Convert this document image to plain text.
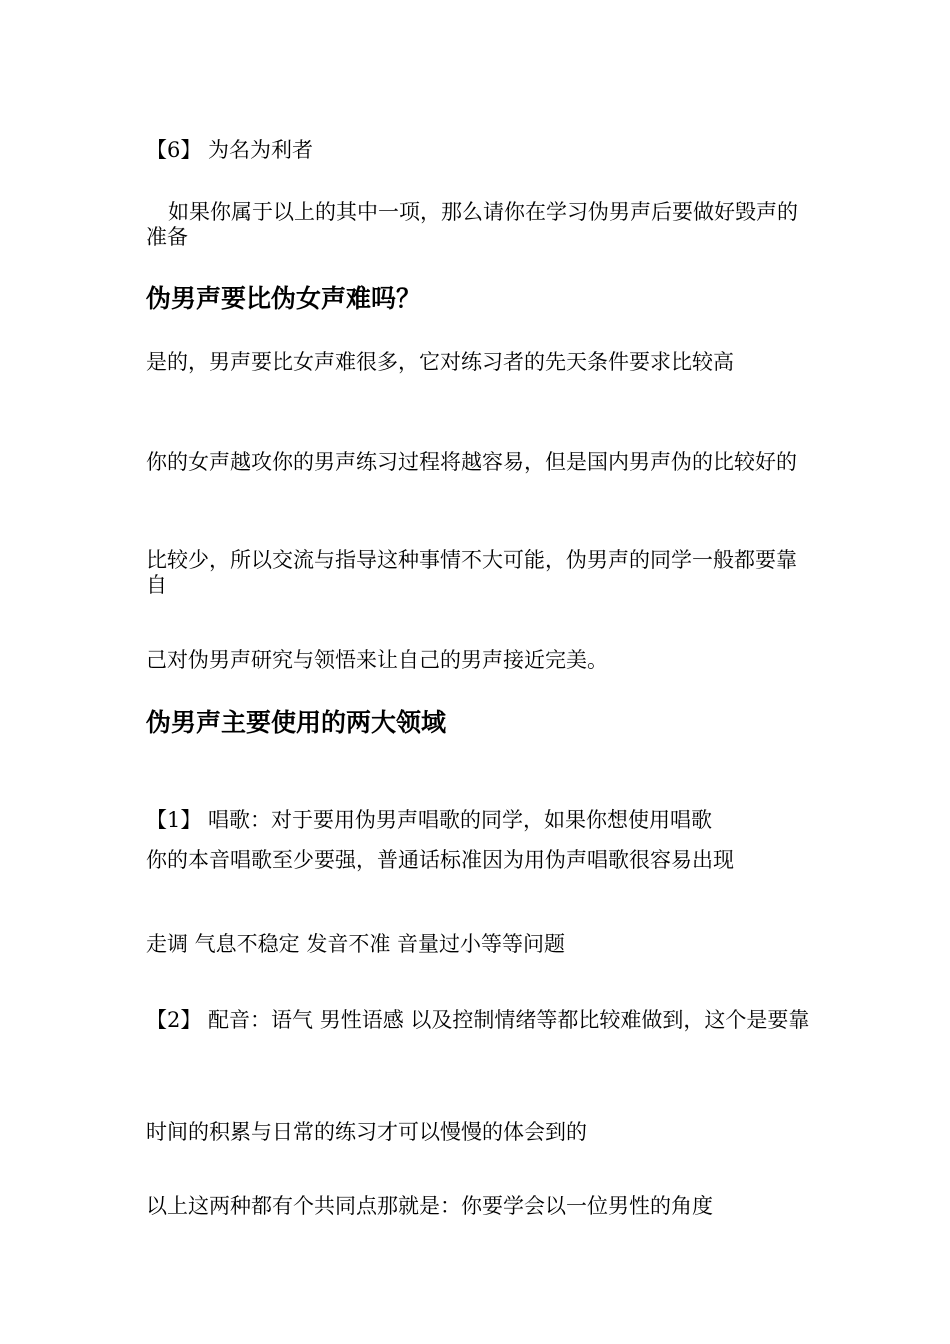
【6】 为名为利者

如果你属于以上的其中一项，那么请你在学习伪男声后要做好毁声的准备

伪男声要比伪女声难吗？

是的，男声要比女声难很多，它对练习者的先天条件要求比较高

你的女声越攻你的男声练习过程将越容易，但是国内男声伪的比较好的

比较少，所以交流与指导这种事情不大可能，伪男声的同学一般都要靠自

己对伪男声研究与领悟来让自己的男声接近完美。

伪男声主要使用的两大领域

【1】 唱歌：对于要用伪男声唱歌的同学，如果你想使用唱歌

你的本音唱歌至少要强，普通话标准因为用伪声唱歌很容易出现

走调 气息不稳定 发音不准 音量过小等等问题

【2】 配音：语气 男性语感 以及控制情绪等都比较难做到，这个是要靠

时间的积累与日常的练习才可以慢慢的体会到的

以上这两种都有个共同点那就是：你要学会以一位男性的角度
